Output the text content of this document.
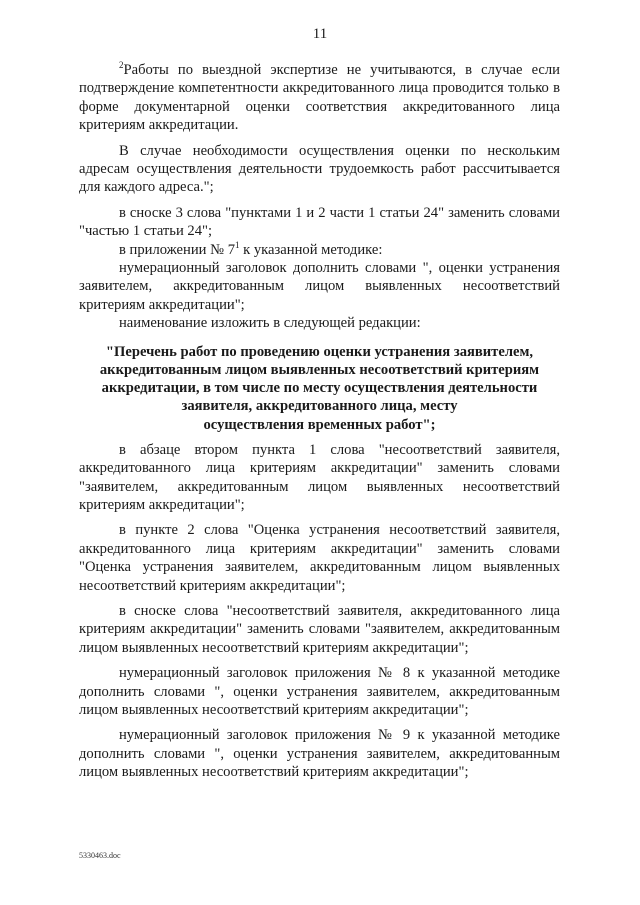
11

$^2$Работы по выездной экспертизе не учитываются, в случае если подтверждение компетентности аккредитованного лица проводится только в форме документарной оценки соответствия аккредитованного лица критериям аккредитации.

В случае необходимости осуществления оценки по нескольким адресам осуществления деятельности трудоемкость работ рассчитывается для каждого адреса.";

в сноске 3 слова "пунктами 1 и 2 части 1 статьи 24" заменить словами "частью 1 статьи 24";

в приложении № $7^1$ к указанной методике:

нумерационный заголовок дополнить словами ", оценки устранения заявителем, аккредитованным лицом выявленных несоответствий критериям аккредитации";

наименование изложить в следующей редакции:

"Перечень работ по проведению оценки устранения заявителем,
аккредитованным лицом выявленных несоответствий критериям
аккредитации, в том числе по месту осуществления деятельности
заявителя, аккредитованного лица, месту
осуществления временных работ";

в абзаце втором пункта 1 слова "несоответствий заявителя, аккредитованного лица критериям аккредитации" заменить словами "заявителем, аккредитованным лицом выявленных несоответствий критериям аккредитации";

в пункте 2 слова "Оценка устранения несоответствий заявителя, аккредитованного лица критериям аккредитации" заменить словами "Оценка устранения заявителем, аккредитованным лицом выявленных несоответствий критериям аккредитации";

в сноске слова "несоответствий заявителя, аккредитованного лица критериям аккредитации" заменить словами "заявителем, аккредитованным лицом выявленных несоответствий критериям аккредитации";

нумерационный заголовок приложения № 8 к указанной методике дополнить словами ", оценки устранения заявителем, аккредитованным лицом выявленных несоответствий критериям аккредитации";

нумерационный заголовок приложения № 9 к указанной методике дополнить словами ", оценки устранения заявителем, аккредитованным лицом выявленных несоответствий критериям аккредитации";

5330463.doc
